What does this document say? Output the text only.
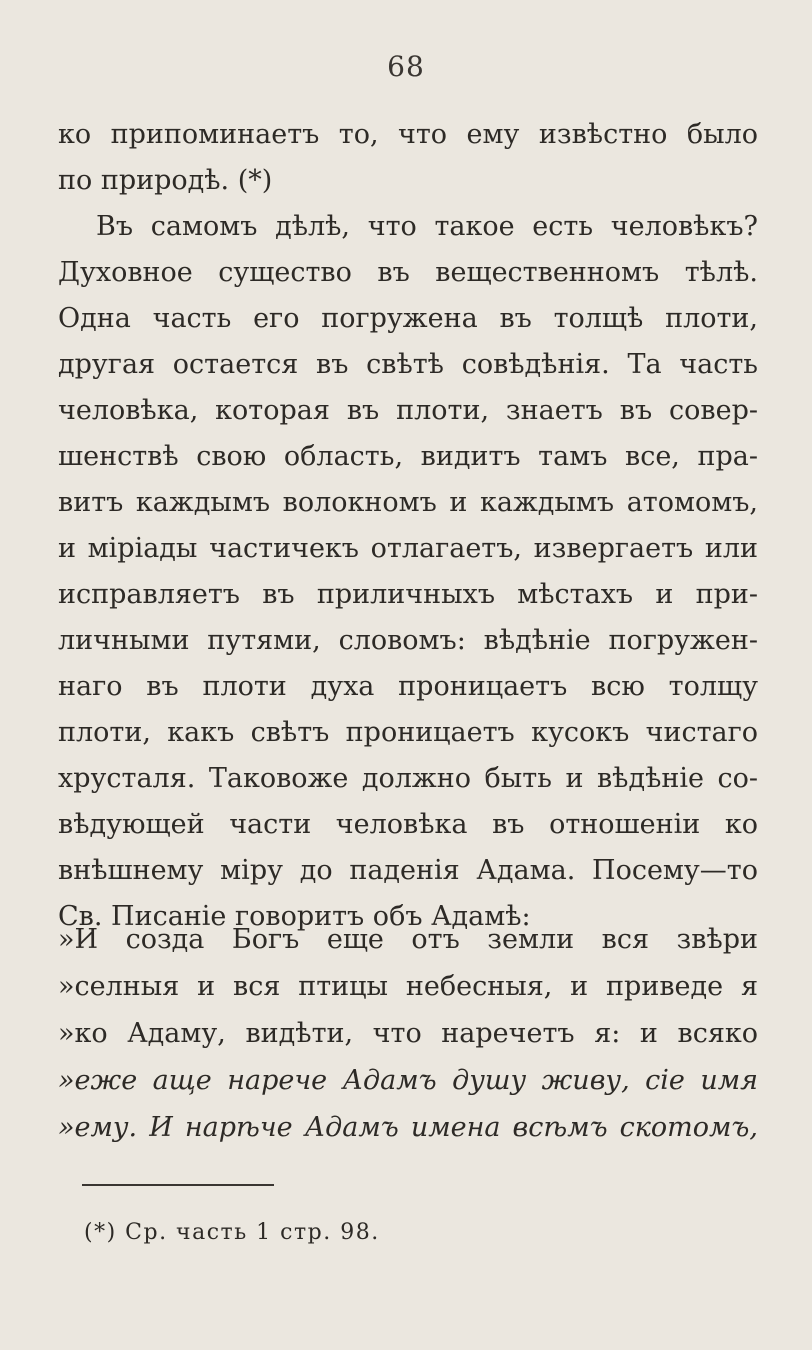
68
ко припоминаетъ то, что ему извѣстно было
по природѣ. (*)
Въ самомъ дѣлѣ, что такое есть человѣкъ?
Духовное существо въ вещественномъ тѣлѣ.
Одна часть его погружена въ толщѣ плоти,
другая остается въ свѣтѣ совѣдѣнія. Та часть
человѣка, которая въ плоти, знаетъ въ совер-
шенствѣ свою область, видитъ тамъ все, пра-
витъ каждымъ волокномъ и каждымъ атомомъ,
и міріады частичекъ отлагаетъ, извергаетъ или
исправляетъ въ приличныхъ мѣстахъ и при-
личными путями, словомъ: вѣдѣніе погружен-
наго въ плоти духа проницаетъ всю толщу
плоти, какъ свѣтъ проницаетъ кусокъ чистаго
хрусталя. Таковоже должно быть и вѣдѣніе со-
вѣдующей части человѣка въ отношеніи ко
внѣшнему міру до паденія Адама. Посему—то
Св. Писаніе говоритъ объ Адамѣ:
»И созда Богъ еще отъ земли вся звѣри
»селныя и вся птицы небесныя, и приведе я
»ко Адаму, видѣти, что наречетъ я: и всяко
»еже аще нарече Адамъ душу живу, сіе имя
»ему. И нарѣче Адамъ имена всѣмъ скотомъ,
(*) Ср. часть 1 стр. 98.
